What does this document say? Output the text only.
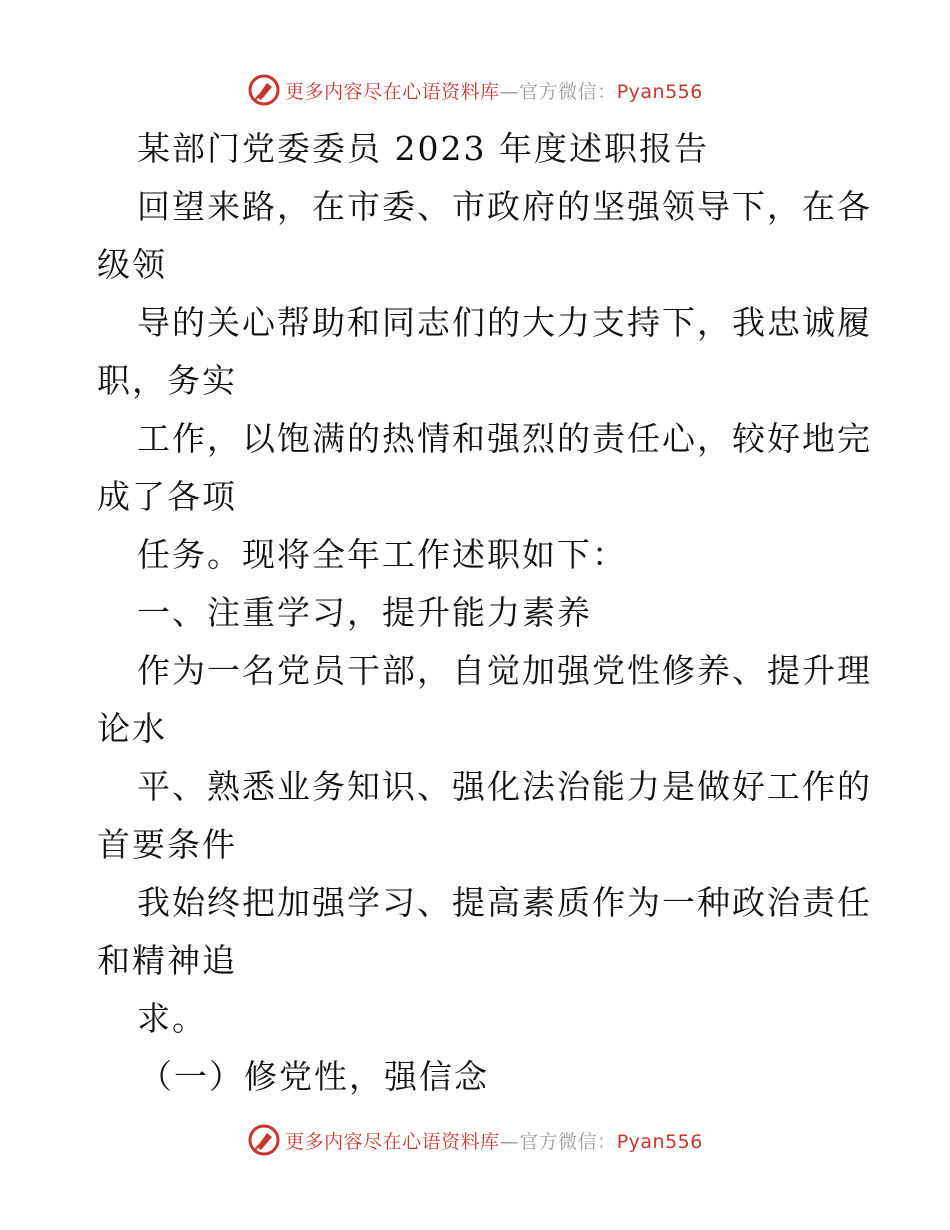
更多内容尽在心语资料库—官方微信：Pyan556

某部门党委委员 2023 年度述职报告

回望来路，在市委、市政府的坚强领导下，在各

级领

导的关心帮助和同志们的大力支持下，我忠诚履

职，务实

工作，以饱满的热情和强烈的责任心，较好地完

成了各项

任务。现将全年工作述职如下：

一、注重学习，提升能力素养

作为一名党员干部，自觉加强党性修养、提升理

论水

平、熟悉业务知识、强化法治能力是做好工作的

首要条件

我始终把加强学习、提高素质作为一种政治责任

和精神追

求。

（一）修党性，强信念

更多内容尽在心语资料库—官方微信：Pyan556
